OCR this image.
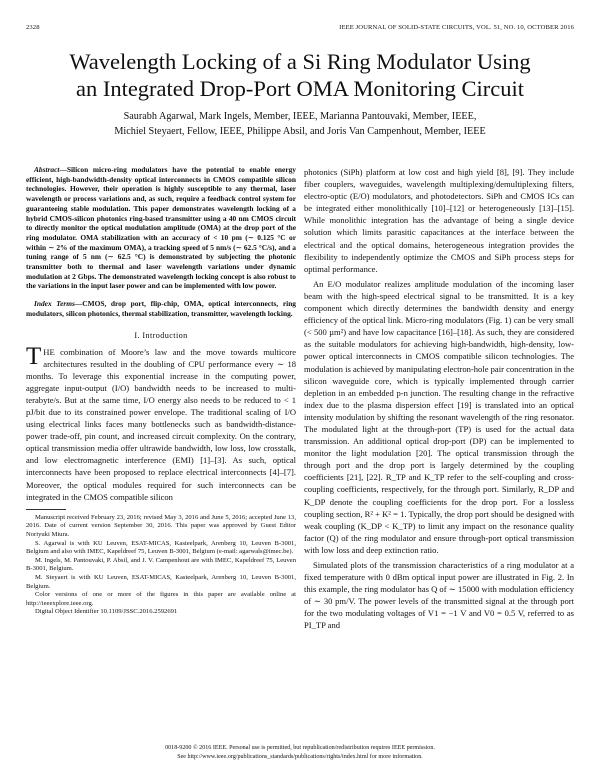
2328	IEEE JOURNAL OF SOLID-STATE CIRCUITS, VOL. 51, NO. 10, OCTOBER 2016
Wavelength Locking of a Si Ring Modulator Using
an Integrated Drop-Port OMA Monitoring Circuit
Saurabh Agarwal, Mark Ingels, Member, IEEE, Marianna Pantouvaki, Member, IEEE,
Michiel Steyaert, Fellow, IEEE, Philippe Absil, and Joris Van Campenhout, Member, IEEE

Abstract—Silicon micro-ring modulators have the potential to enable energy efficient, high-bandwidth-density optical interconnects in CMOS compatible silicon technologies. However, their operation is highly susceptible to any thermal, laser wavelength or process variations and, as such, require a feedback control system for guaranteeing stable modulation. This paper demonstrates wavelength locking of a hybrid CMOS-silicon photonics ring-based transmitter using a 40 nm CMOS circuit to directly monitor the optical modulation amplitude (OMA) at the drop port of the ring modulator. OMA stabilization with an accuracy of < 10 pm (∼ 0.125 °C or within ∼ 2% of the maximum OMA), a tracking speed of 5 nm/s (∼ 62.5 °C/s), and a tuning range of 5 nm (∼ 62.5 °C) is demonstrated by subjecting the photonic transmitter both to thermal and laser wavelength variations under dynamic modulation at 2 Gbps. The demonstrated wavelength locking concept is also robust to the variations in the input laser power and can be implemented with low power.

Index Terms—CMOS, drop port, flip-chip, OMA, optical interconnects, ring modulators, silicon photonics, thermal stabilization, transmitter, wavelength locking.

I. Introduction

THE combination of Moore’s law and the move towards multicore architectures resulted in the doubling of CPU performance every ∼ 18 months. To leverage this exponential increase in the computing power, aggregate input-output (I/O) bandwidth needs to be increased to multi-terabyte/s. But at the same time, I/O energy also needs to be reduced to < 1 pJ/bit due to its constrained power envelope. The traditional scaling of I/O using electrical links faces many bottlenecks such as bandwidth-distance-power trade-off, pin count, and increased circuit complexity. On the contrary, optical transmission media offer ultrawide bandwidth, low loss, low crosstalk, and low electromagnetic interference (EMI) [1]–[3]. As such, optical interconnects have been proposed to replace electrical interconnects [4]–[7]. Moreover, the optical modules required for such interconnects can be integrated in the CMOS compatible silicon

Manuscript received February 23, 2016; revised May 3, 2016 and June 5, 2016; accepted June 13, 2016. Date of current version September 30, 2016. This paper was approved by Guest Editor Noriyuki Miura.

S. Agarwal is with KU Leuven, ESAT-MICAS, Kasteelpark, Arenberg 10, Leuven B-3001, Belgium and also with IMEC, Kapeldreef 75, Leuven B-3001, Belgium (e-mail: agarwals@imec.be).

M. Ingels, M. Pantouvaki, P. Absil, and J. V. Campenhout are with IMEC, Kapeldreef 75, Leuven B-3001, Belgium.

M. Steyaert is with KU Leuven, ESAT-MICAS, Kasteelpark, Arenberg 10, Leuven B-3001, Belgium.

Color versions of one or more of the figures in this paper are available online at http://ieeexplore.ieee.org.

Digital Object Identifier 10.1109/JSSC.2016.2592691

photonics (SiPh) platform at low cost and high yield [8], [9]. They include fiber couplers, waveguides, wavelength multiplexing/demultiplexing filters, electro-optic (E/O) modulators, and photodetectors. SiPh and CMOS ICs can be integrated either monolithically [10]–[12] or heterogeneously [13]–[15]. While monolithic integration has the advantage of being a single device solution which limits parasitic capacitances at the interface between the electrical and the optical domains, heterogeneous integration provides the flexibility to independently optimize the CMOS and SiPh process steps for optimal performance.

An E/O modulator realizes amplitude modulation of the incoming laser beam with the high-speed electrical signal to be transmitted. It is a key component which directly determines the bandwidth density and energy efficiency of the optical link. Micro-ring modulators (Fig. 1) can be very small (< 500 µm²) and have low capacitance [16]–[18]. As such, they are considered as the suitable modulators for achieving high-bandwidth, high-density, low-power optical interconnects in CMOS compatible silicon technologies. The modulation is achieved by manipulating electron-hole pair concentration in the silicon waveguide core, which is typically implemented through carrier depletion in an embedded p-n junction. The resulting change in the refractive index due to the plasma dispersion effect [19] is translated into an optical intensity modulation by shifting the resonant wavelength of the ring resonator. The modulated light at the through-port (TP) is used for the actual data transmission. An additional optical drop-port (DP) can be implemented to monitor the light modulation [20]. The optical transmission through the through port and the drop port is largely determined by the coupling coefficients [21], [22]. R_TP and K_TP refer to the self-coupling and cross-coupling coefficients, respectively, for the through port. Similarly, R_DP and K_DP denote the coupling coefficients for the drop port. For a lossless coupling section, R² + K² = 1. Typically, the drop port should be designed with weak coupling (K_DP < K_TP) to limit any impact on the resonance quality factor (Q) of the ring modulator and ensure through-port optical transmission with low loss and deep extinction ratio.

Simulated plots of the transmission characteristics of a ring modulator at a fixed temperature with 0 dBm optical input power are illustrated in Fig. 2. In this example, the ring modulator has Q of ∼ 15000 with modulation efficiency of ∼ 30 pm/V. The power levels of the transmitted signal at the through port for the two modulating voltages of V1 = −1 V and V0 = 0.5 V, referred to as PI_TP and

0018-9200 © 2016 IEEE. Personal use is permitted, but republication/redistribution requires IEEE permission.
See http://www.ieee.org/publications_standards/publications/rights/index.html for more information.
